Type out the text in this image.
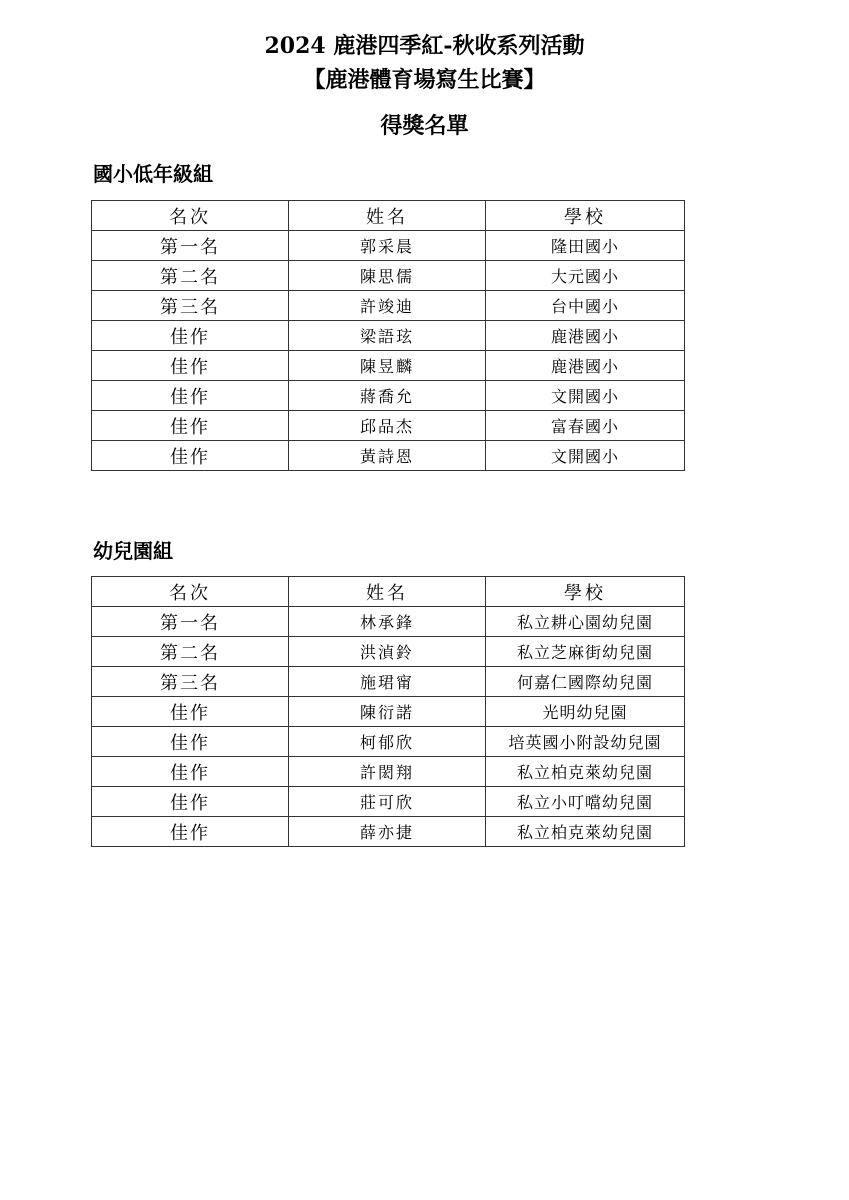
2024 鹿港四季紅-秋收系列活動
【鹿港體育場寫生比賽】
得獎名單
國小低年級組
名次	姓名	學校
第一名	郭采晨	隆田國小
第二名	陳思儒	大元國小
第三名	許竣迪	台中國小
佳作	梁語玹	鹿港國小
佳作	陳昱麟	鹿港國小
佳作	蔣喬允	文開國小
佳作	邱品杰	富春國小
佳作	黃詩恩	文開國小
幼兒園組
名次	姓名	學校
第一名	林承鋒	私立耕心園幼兒園
第二名	洪湞鈴	私立芝麻街幼兒園
第三名	施珺甯	何嘉仁國際幼兒園
佳作	陳衍諾	光明幼兒園
佳作	柯郁欣	培英國小附設幼兒園
佳作	許閎翔	私立柏克萊幼兒園
佳作	莊可欣	私立小叮噹幼兒園
佳作	薛亦捷	私立柏克萊幼兒園
